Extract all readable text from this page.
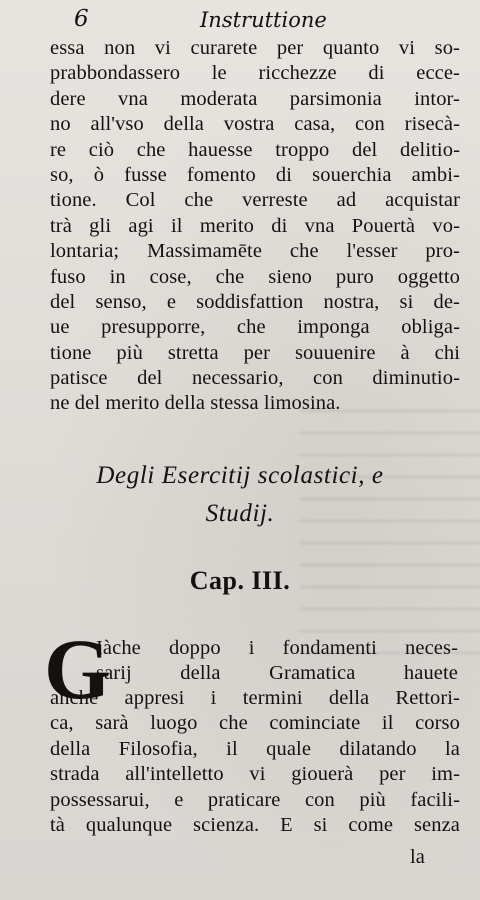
6	Instruttione
essa non vi curarete per quanto vi so-
prabbondassero le ricchezze di ecce-
dere vna moderata parsimonia intor-
no all'vso della vostra casa, con risecà-
re ciò che hauesse troppo del delitio-
so, ò fusse fomento di souerchia ambi-
tione. Col che verreste ad acquistar
trà gli agi il merito di vna Pouertà vo-
lontaria; Massimamēte che l'esser pro-
fuso in cose, che sieno puro oggetto
del senso, e soddisfattion nostra, si de-
ue presupporre, che imponga obliga-
tione più stretta per souuenire à chi
patisce del necessario, con diminutio-
ne del merito della stessa limosina.
Degli Esercitij scolastici, e
Studij.
Cap. III.
G
Iàche doppo i fondamenti neces-
sarij della Gramatica hauete
anche appresi i termini della Rettori-
ca, sarà luogo che cominciate il corso
della Filosofia, il quale dilatando la
strada all'intelletto vi giouerà per im-
possessarui, e praticare con più facili-
tà qualunque scienza. E si come senza
la
